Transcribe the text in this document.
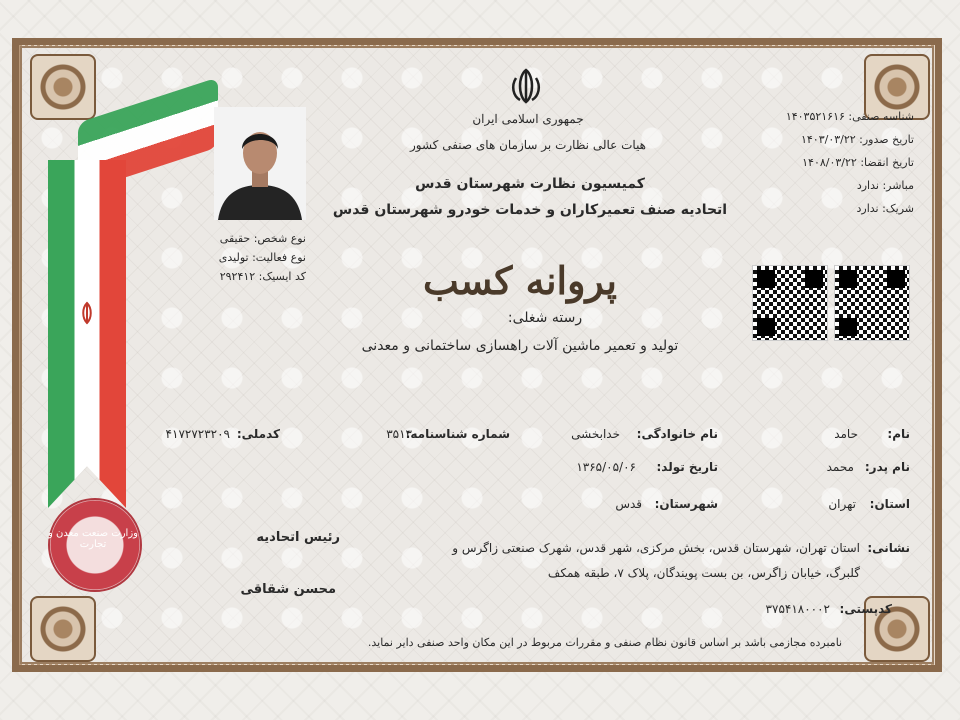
وزارت صنعت معدن و تجارت
جمهوری اسلامی ایران
هیات عالی نظارت بر سازمان های صنفی کشور
کمیسیون نظارت شهرستان قدس
اتحادیه صنف تعمیرکاران و خدمات خودرو شهرستان قدس
پروانه کسب
رسته شغلی:
تولید و تعمیر ماشین آلات راهسازی ساختمانی و معدنی
شناسه صنفی: ۱۴۰۳۵۲۱۶۱۶
تاریخ صدور: ۱۴۰۳/۰۳/۲۲
تاریخ انقضا: ۱۴۰۸/۰۳/۲۲
مباشر: ندارد
شریک: ندارد
نوع شخص: حقیقی
نوع فعالیت: تولیدی
کد ایسیک: ۲۹۲۴۱۲
نام:
حامد
نام خانوادگی:
خدابخشی
شماره شناسنامه:
۳۵۱۳
کدملی:
۴۱۷۲۷۲۳۲۰۹
نام پدر:
محمد
تاریخ تولد:
۱۳۶۵/۰۵/۰۶
استان:
تهران
شهرستان:
قدس
نشانی:
استان تهران، شهرستان قدس، بخش مرکزی، شهر قدس، شهرک صنعتی زاگرس و
گلبرگ، خیابان زاگرس، بن بست پویندگان، پلاک ۷، طبقه همکف
کدپستی:
۳۷۵۴۱۸۰۰۰۲
رئیس اتحادیه
محسن شقاقی
نامبرده مجازمی باشد بر اساس قانون نظام صنفی و مقررات مربوط در این مکان واحد صنفی دایر نماید.
